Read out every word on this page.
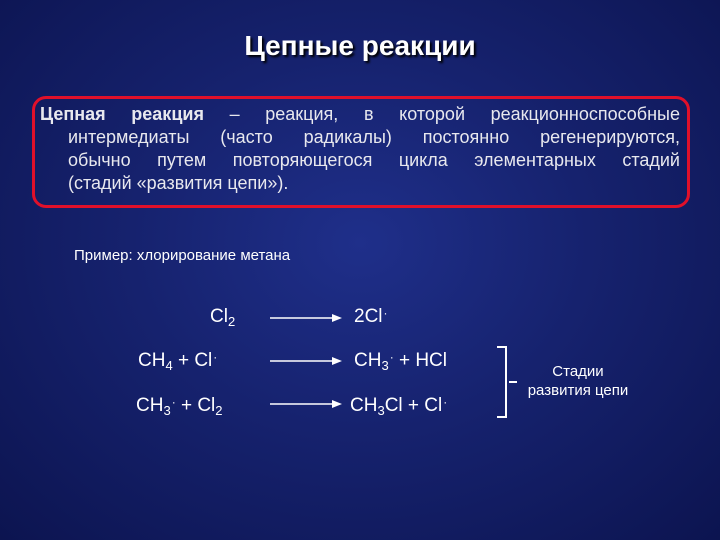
Цепные реакции
Цепная реакция – реакция, в которой реакционноспособные
интермедиаты (часто радикалы) постоянно регенерируются,
обычно путем повторяющегося цикла элементарных стадий
(стадий «развития цепи»).
Пример: хлорирование метана
$Cl_2$	2Cl·
$CH_4 + Cl^\cdot$	$CH_3^\cdot$ + HCl
$CH_3^\cdot + Cl_2$	$CH_3Cl + Cl^\cdot$
Стадии
развития цепи
